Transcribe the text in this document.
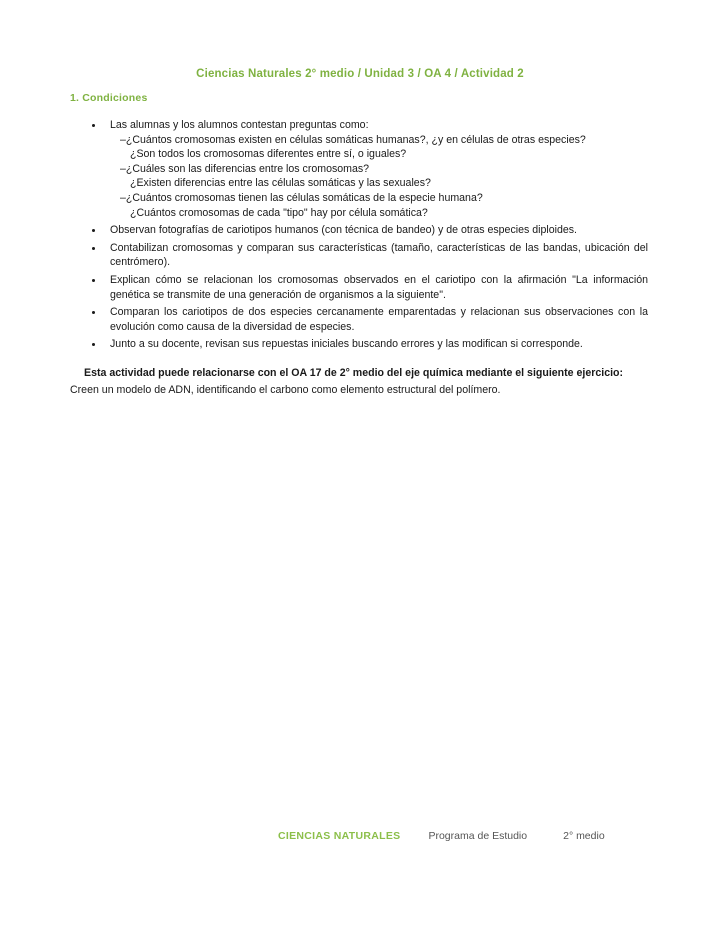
Ciencias Naturales 2° medio / Unidad 3 / OA 4 / Actividad 2
1. Condiciones
Las alumnas y los alumnos contestan preguntas como:
–¿Cuántos cromosomas existen en células somáticas humanas?, ¿y en células de otras especies?
¿Son todos los cromosomas diferentes entre sí, o iguales?
–¿Cuáles son las diferencias entre los cromosomas?
¿Existen diferencias entre las células somáticas y las sexuales?
–¿Cuántos cromosomas tienen las células somáticas de la especie humana?
¿Cuántos cromosomas de cada "tipo" hay por célula somática?
Observan fotografías de cariotipos humanos (con técnica de bandeo) y de otras especies diploides.
Contabilizan cromosomas y comparan sus características (tamaño, características de las bandas, ubicación del centrómero).
Explican cómo se relacionan los cromosomas observados en el cariotipo con la afirmación "La información genética se transmite de una generación de organismos a la siguiente".
Comparan los cariotipos de dos especies cercanamente emparentadas y relacionan sus observaciones con la evolución como causa de la diversidad de especies.
Junto a su docente, revisan sus repuestas iniciales buscando errores y las modifican si corresponde.
Esta actividad puede relacionarse con el OA 17 de 2° medio del eje química mediante el siguiente ejercicio:
Creen un modelo de ADN, identificando el carbono como elemento estructural del polímero.
CIENCIAS NATURALES	Programa de Estudio	2° medio
